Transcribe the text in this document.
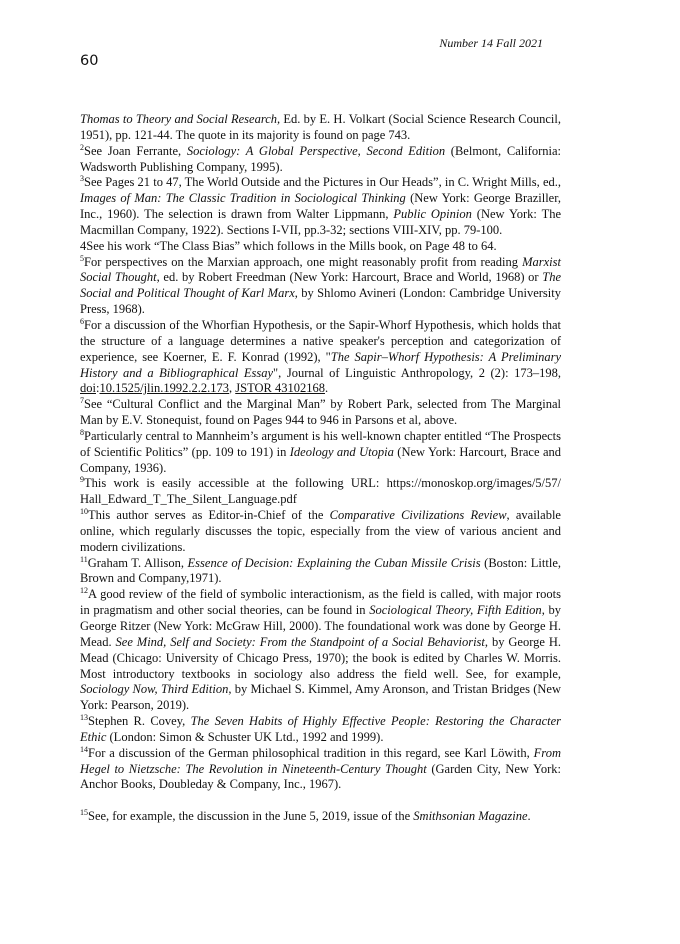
Number 14 Fall 2021
60

Thomas to Theory and Social Research, Ed. by E. H. Volkart (Social Science Research Council, 1951), pp. 121-44. The quote in its majority is found on page 743.

$^2$See Joan Ferrante, Sociology: A Global Perspective, Second Edition (Belmont, California: Wadsworth Publishing Company, 1995).

$^3$See Pages 21 to 47, The World Outside and the Pictures in Our Heads”, in C. Wright Mills, ed., Images of Man: The Classic Tradition in Sociological Thinking (New York: George Braziller, Inc., 1960). The selection is drawn from Walter Lippmann, Public Opinion (New York: The Macmillan Company, 1922). Sections I-VII, pp.3-32; sections VIII-XIV, pp. 79-100.

4See his work “The Class Bias” which follows in the Mills book, on Page 48 to 64.

$^5$For perspectives on the Marxian approach, one might reasonably profit from reading Marxist Social Thought, ed. by Robert Freedman (New York: Harcourt, Brace and World, 1968) or The Social and Political Thought of Karl Marx, by Shlomo Avineri (London: Cambridge University Press, 1968).

$^6$For a discussion of the Whorfian Hypothesis, or the Sapir-Whorf Hypothesis, which holds that the structure of a language determines a native speaker's perception and categorization of experience, see Koerner, E. F. Konrad (1992), "The Sapir–Whorf Hypothesis: A Preliminary History and a Bibliographical Essay", Journal of Linguistic Anthropology, 2 (2): 173–198, doi:10.1525/jlin.1992.2.2.173, JSTOR 43102168.

$^7$See “Cultural Conflict and the Marginal Man” by Robert Park, selected from The Marginal Man by E.V. Stonequist, found on Pages 944 to 946 in Parsons et al, above.

$^8$Particularly central to Mannheim’s argument is his well-known chapter entitled “The Prospects of Scientific Politics” (pp. 109 to 191) in Ideology and Utopia (New York: Harcourt, Brace and Company, 1936).

$^9$This work is easily accessible at the following URL: https://monoskop.org/images/5/57/ Hall_Edward_T_The_Silent_Language.pdf

$^{10}$This author serves as Editor-in-Chief of the Comparative Civilizations Review, available online, which regularly discusses the topic, especially from the view of various ancient and modern civilizations.

$^{11}$Graham T. Allison, Essence of Decision: Explaining the Cuban Missile Crisis (Boston: Little, Brown and Company,1971).

$^{12}$A good review of the field of symbolic interactionism, as the field is called, with major roots in pragmatism and other social theories, can be found in Sociological Theory, Fifth Edition, by George Ritzer (New York: McGraw Hill, 2000). The foundational work was done by George H. Mead. See Mind, Self and Society: From the Standpoint of a Social Behaviorist, by George H. Mead (Chicago: University of Chicago Press, 1970); the book is edited by Charles W. Morris. Most introductory textbooks in sociology also address the field well. See, for example, Sociology Now, Third Edition, by Michael S. Kimmel, Amy Aronson, and Tristan Bridges (New York: Pearson, 2019).

$^{13}$Stephen R. Covey, The Seven Habits of Highly Effective People: Restoring the Character Ethic (London: Simon & Schuster UK Ltd., 1992 and 1999).

$^{14}$For a discussion of the German philosophical tradition in this regard, see Karl Löwith, From Hegel to Nietzsche: The Revolution in Nineteenth-Century Thought (Garden City, New York: Anchor Books, Doubleday & Company, Inc., 1967).

$^{15}$See, for example, the discussion in the June 5, 2019, issue of the Smithsonian Magazine.
